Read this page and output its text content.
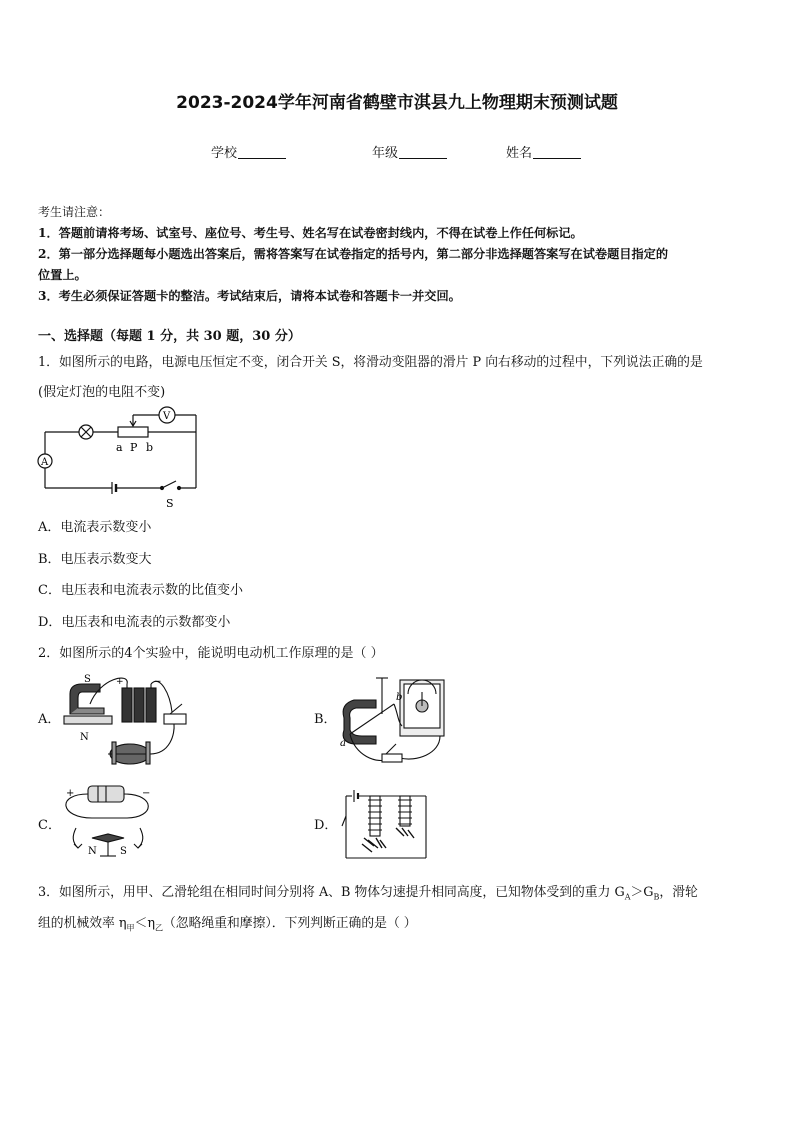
2023-2024学年河南省鹤壁市淇县九上物理期末预测试题
学校	年级	姓名
考生请注意：
1．答题前请将考场、试室号、座位号、考生号、姓名写在试卷密封线内，不得在试卷上作任何标记。
2．第一部分选择题每小题选出答案后，需将答案写在试卷指定的括号内，第二部分非选择题答案写在试卷题目指定的
位置上。
3．考生必须保证答题卡的整洁。考试结束后，请将本试卷和答题卡一并交回。
一、选择题（每题 1 分，共 30 题，30 分）
1．如图所示的电路，电源电压恒定不变，闭合开关 S，将滑动变阻器的滑片 P 向右移动的过程中，下列说法正确的是
(假定灯泡的电阻不变)
V
A
a P b
S
A．电流表示数变小
B．电压表示数变大
C．电压表和电流表示数的比值变小
D．电压表和电流表的示数都变小
2．如图所示的4个实验中，能说明电动机工作原理的是（ ）
A．
S
N
+	−
B．
b
a
C．
+	−
N S
D．
3．如图所示，用甲、乙滑轮组在相同时间分别将 A、B 物体匀速提升相同高度，已知物体受到的重力 $G_A>G_B$，滑轮
组的机械效率 $\eta_甲<\eta_乙$（忽略绳重和摩擦）．下列判断正确的是（ ）
